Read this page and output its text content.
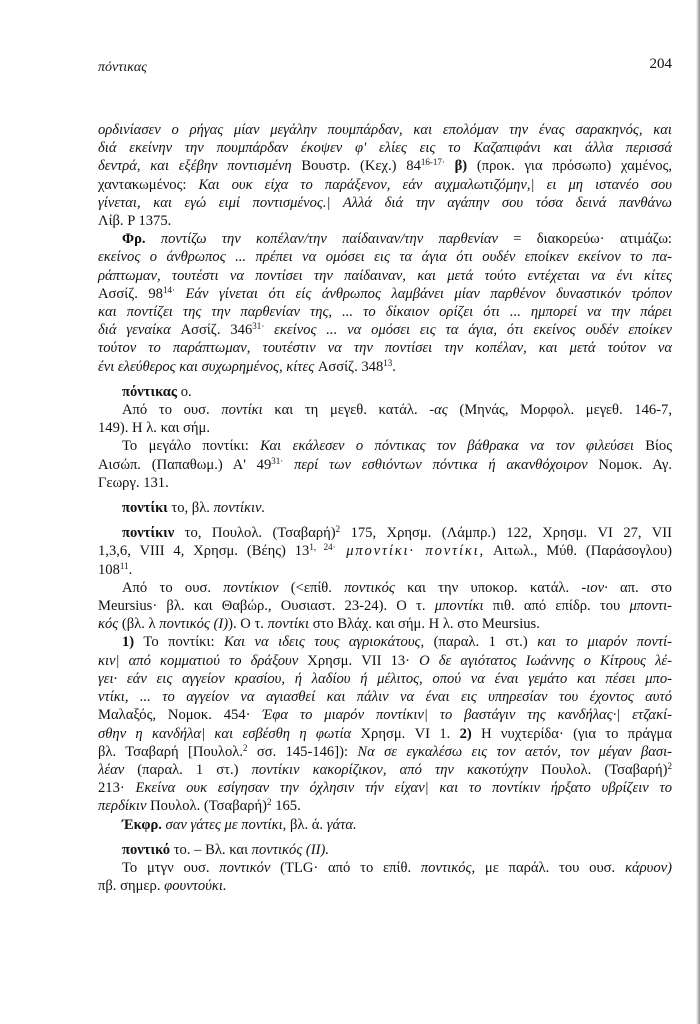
πόντικας	204
ορδινίασεν ο ρήγας μίαν μεγάλην πουμπάρδαν, και επολόμαν την ένας σαρακηνός, και
διά εκείνην την πουμπάρδαν έκοψεν φ' ελίες εις το Καζαπιφάνι και άλλα περισσά
δεντρά, και εξέβην ποντισμένη Βουστρ. (Κεχ.) $84^{16-17\cdot}$ β) (προκ. για πρόσωπο) χαμένος,
χαντακωμένος: Και ουκ είχα το παράξενον, εάν αιχμαλωτιζόμην,| ει μη ιστανέο σου
γίνεται, και εγώ ειμί ποντισμένος.| Αλλά διά την αγάπην σου τόσα δεινά πανθάνω
Λίβ. P 1375.
Φρ. ποντίζω την κοπέλαν/την παίδαιναν/την παρθενίαν = διακορεύω· ατιμάζω:
εκείνος ο άνθρωπος ... πρέπει να ομόσει εις τα άγια ότι ουδέν εποίκεν εκείνον το πα-
ράπτωμαν, τουτέστι να ποντίσει την παίδαιναν, και μετά τούτο εντέχεται να ένι κίτες
Ασσίζ. $98^{14\cdot}$ Εάν γίνεται ότι είς άνθρωπος λαμβάνει μίαν παρθένον δυναστικόν τρόπον
και ποντίζει της την παρθενίαν της, ... το δίκαιον ορίζει ότι ... ημπορεί να την πάρει
διά γεναίκα Ασσίζ. $346^{31\cdot}$ εκείνος ... να ομόσει εις τα άγια, ότι εκείνος ουδέν εποίκεν
τούτον το παράπτωμαν, τουτέστιν να την ποντίσει την κοπέλαν, και μετά τούτον να
ένι ελεύθερος και συχωρημένος, κίτες Ασσίζ. $348^{13}$.
πόντικας ο.
Από το ουσ. ποντίκι και τη μεγεθ. κατάλ. -ας (Μηνάς, Μορφολ. μεγεθ. 146-7,
149). Η λ. και σήμ.
Το μεγάλο ποντίκι: Και εκάλεσεν ο πόντικας τον βάθρακα να τον φιλεύσει Βίος
Αισώπ. (Παπαθωμ.) Α' $49^{31\cdot}$ περί των εσθιόντων πόντικα ή ακανθόχοιρον Νομοκ. Αγ.
Γεωργ. 131.
ποντίκι το, βλ. ποντίκιν.
ποντίκιν το, Πουλολ. $(T\sigma\alpha\beta\alpha\rho ή)^2$ 175, Χρησμ. (Λάμπρ.) 122, Χρησμ. VI 27, VII
1,3,6, VIII 4, Χρησμ. (Βέης) $13^{1, 24\cdot}$ μποντίκι· ποντίκι, Αιτωλ., Μύθ. (Παράσογλου)
$108^{11}$.
Από το ουσ. ποντίκιον (<επίθ. ποντικός και την υποκορ. κατάλ. -ιον· απ. στο
Meursius· βλ. και Θαβώρ., Ουσιαστ. 23-24). Ο τ. μποντίκι πιθ. από επίδρ. του μποντι-
κός (βλ. λ ποντικός (I)). Ο τ. ποντίκι στο Βλάχ. και σήμ. Η λ. στο Meursius.
1) Το ποντίκι: Και να ιδεις τους αγριοκάτους, (παραλ. 1 στ.) και το μιαρόν ποντί-
κιν| από κομματιού το δράξουν Χρησμ. VII 13· Ο δε αγιότατος Ιωάννης ο Κίτρους λέ-
γει· εάν εις αγγείον κρασίου, ή λαδίου ή μέλιτος, οπού να έναι γεμάτο και πέσει μπο-
ντίκι, ... το αγγείον να αγιασθεί και πάλιν να έναι εις υπηρεσίαν του έχοντος αυτό
Μαλαξός, Νομοκ. 454· Έφα το μιαρόν ποντίκιν| το βαστάγιν της κανδήλας·| ετζακί-
σθην η κανδήλα| και εσβέσθη η φωτία Χρησμ. VI 1. 2) Η νυχτερίδα· (για το πράγμα
βλ. Τσαβαρή [Πουλολ.$^2$ σσ. 145-146]): Να σε εγκαλέσω εις τον αετόν, τον μέγαν βασι-
λέαν (παραλ. 1 στ.) ποντίκιν κακορίζικον, από την κακοτύχην Πουλολ. $(T\sigma\alpha\beta\alpha\rho ή)^2$
213· Εκείνα ουκ εσίγησαν την όχλησιν τήν είχαν| και το ποντίκιν ήρξατο υβρίζειν το
περδίκιν Πουλολ. $(T\sigma\alpha\beta\alpha\rho ή)^2$ 165.
Έκφρ. σαν γάτες με ποντίκι, βλ. ά. γάτα.
ποντικό το. – Βλ. και ποντικός (II).
Το μτγν ουσ. ποντικόν (TLG· από το επίθ. ποντικός, με παράλ. του ουσ. κάρυον)
πβ. σημερ. φουντούκι.
